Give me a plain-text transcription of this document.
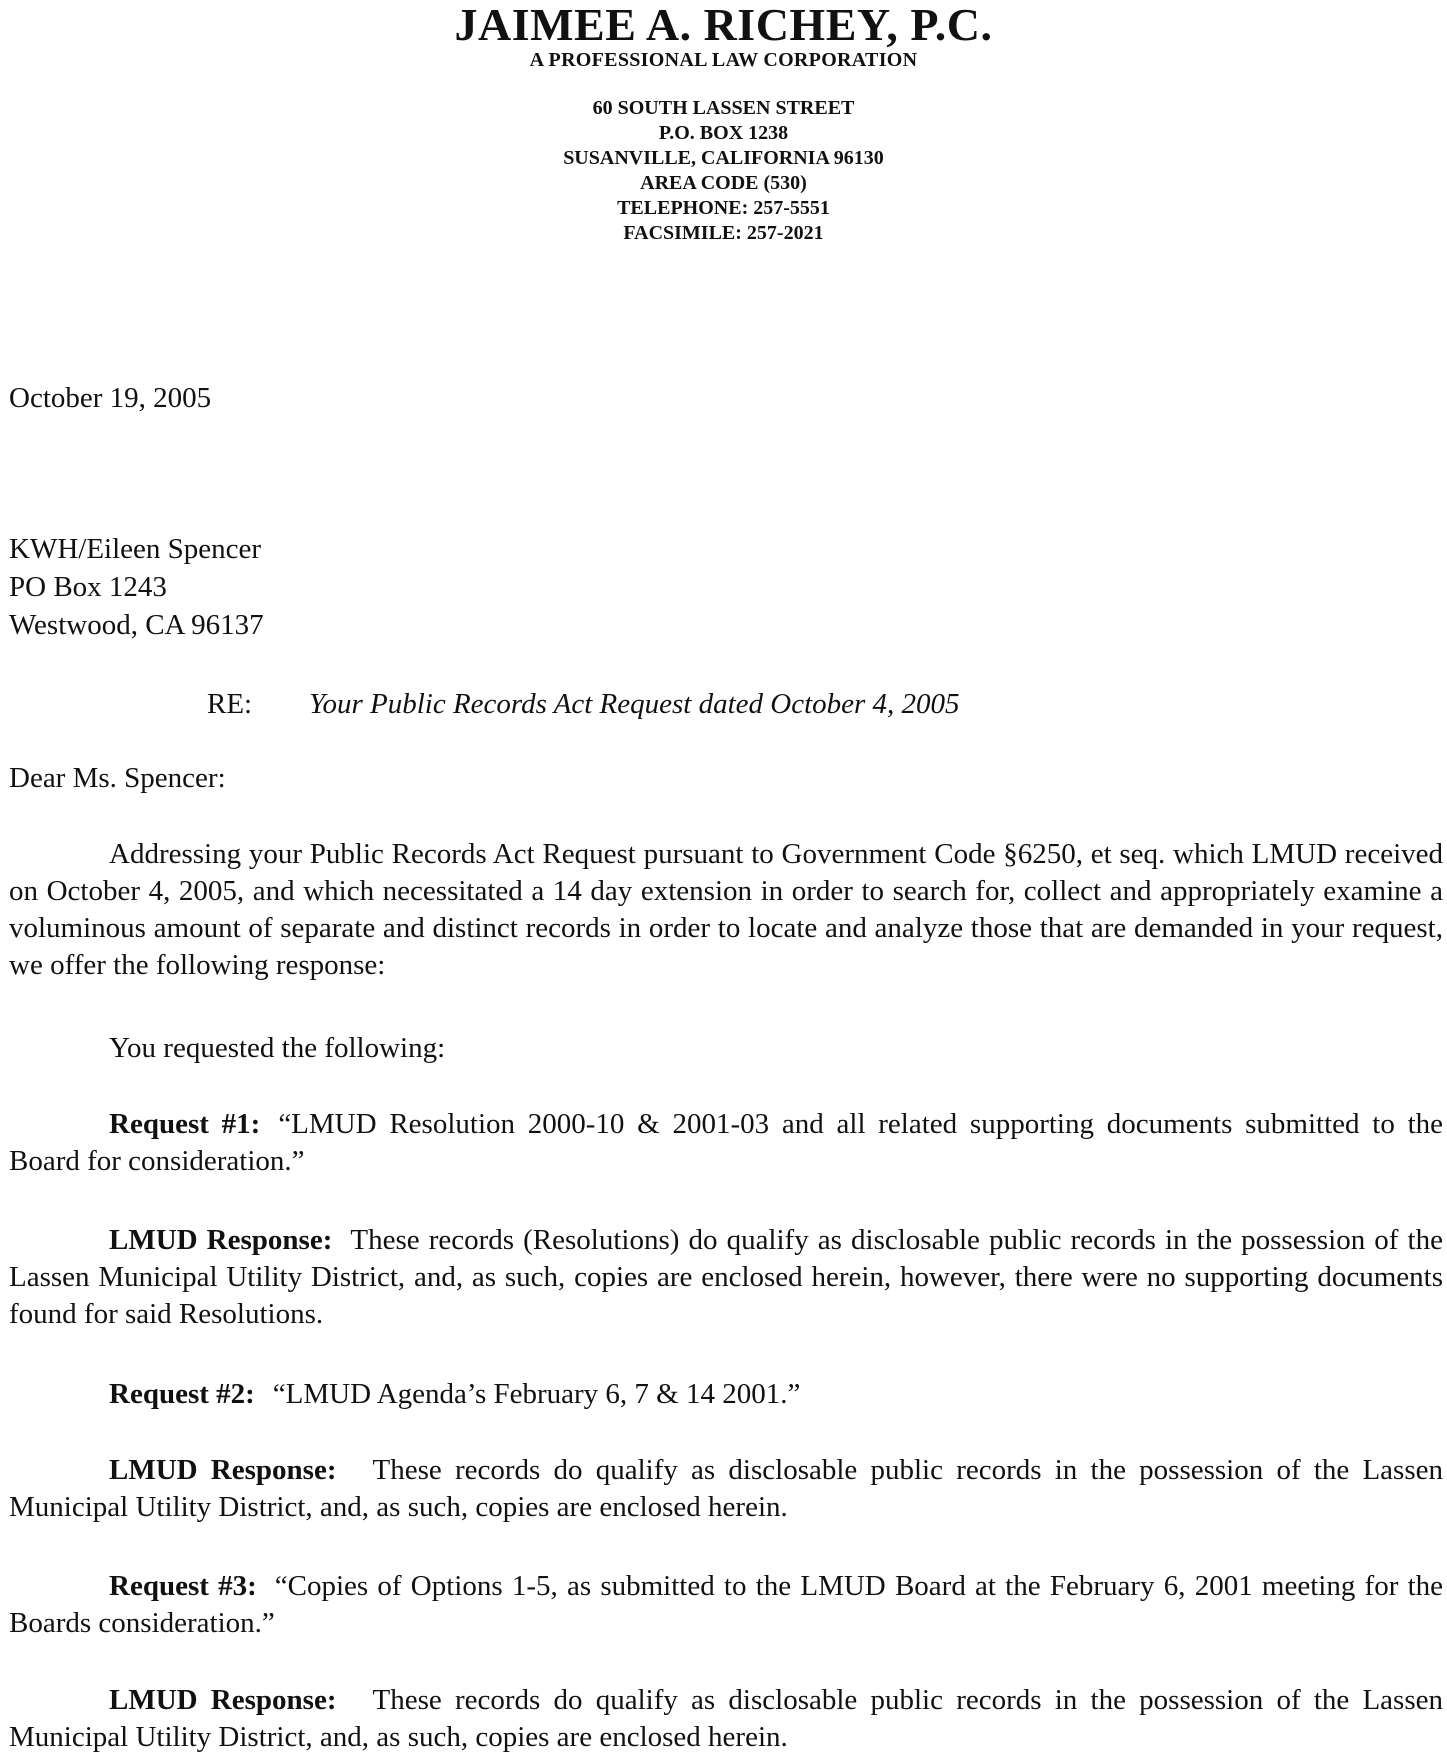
JAIMEE A. RICHEY, P.C.
A PROFESSIONAL LAW CORPORATION
60 SOUTH LASSEN STREET
P.O. BOX 1238
SUSANVILLE, CALIFORNIA 96130
AREA CODE (530)
TELEPHONE: 257-5551
FACSIMILE: 257-2021
October 19, 2005
KWH/Eileen Spencer
PO Box 1243
Westwood, CA 96137
RE: Your Public Records Act Request dated October 4, 2005
Dear Ms. Spencer:
Addressing your Public Records Act Request pursuant to Government Code §6250, et seq. which LMUD received on October 4, 2005, and which necessitated a 14 day extension in order to search for, collect and appropriately examine a voluminous amount of separate and distinct records in order to locate and analyze those that are demanded in your request, we offer the following response:
You requested the following:
Request #1: “LMUD Resolution 2000-10 & 2001-03 and all related supporting documents submitted to the Board for consideration.”
LMUD Response: These records (Resolutions) do qualify as disclosable public records in the possession of the Lassen Municipal Utility District, and, as such, copies are enclosed herein, however, there were no supporting documents found for said Resolutions.
Request #2: “LMUD Agenda’s February 6, 7 & 14 2001.”
LMUD Response: These records do qualify as disclosable public records in the possession of the Lassen Municipal Utility District, and, as such, copies are enclosed herein.
Request #3: “Copies of Options 1-5, as submitted to the LMUD Board at the February 6, 2001 meeting for the Boards consideration.”
LMUD Response: These records do qualify as disclosable public records in the possession of the Lassen Municipal Utility District, and, as such, copies are enclosed herein.
